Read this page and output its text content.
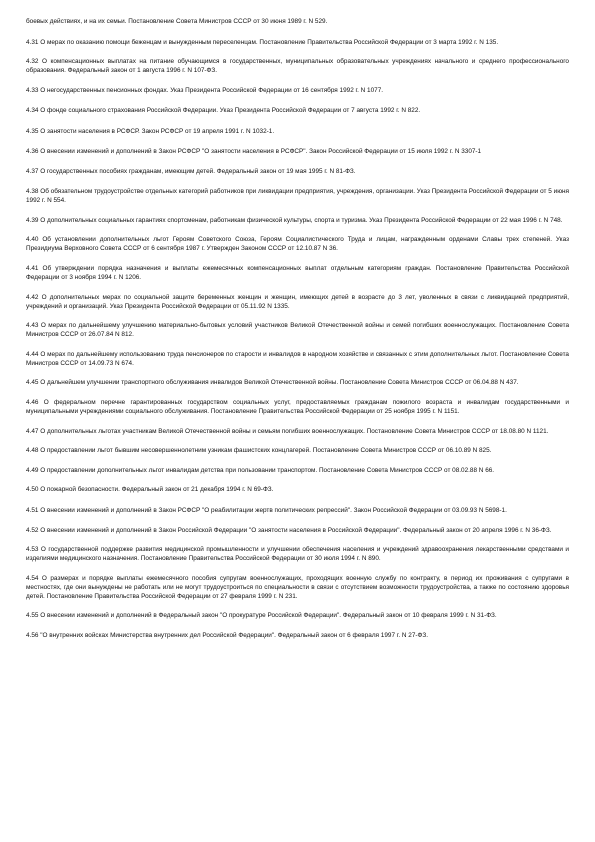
боевых действиях, и на их семьи. Постановление Совета Министров СССР от 30 июня 1989 г. N 529.

4.31 О мерах по оказанию помощи беженцам и вынужденным переселенцам. Постановление Правительства Российской Федерации от 3 марта 1992 г. N 135.

4.32 О компенсационных выплатах на питание обучающимся в государственных, муниципальных образовательных учреждениях начального и среднего профессионального образования. Федеральный закон от 1 августа 1996 г. N 107-ФЗ.

4.33 О негосударственных пенсионных фондах. Указ Президента Российской Федерации от 16 сентября 1992 г. N 1077.

4.34 О фонде социального страхования Российской Федерации. Указ Президента Российской Федерации от 7 августа 1992 г. N 822.

4.35 О занятости населения в РСФСР. Закон РСФСР от 19 апреля 1991 г. N 1032-1.

4.36 О внесении изменений и дополнений в Закон РСФСР "О занятости населения в РСФСР". Закон Российской Федерации от 15 июля 1992 г. N 3307-1

4.37 О государственных пособиях гражданам, имеющим детей. Федеральный закон от 19 мая 1995 г. N 81-ФЗ.

4.38 Об обязательном трудоустройстве отдельных категорий работников при ликвидации предприятия, учреждения, организации. Указ Президента Российской Федерации от 5 июня 1992 г. N 554.

4.39 О дополнительных социальных гарантиях спортсменам, работникам физической культуры, спорта и туризма. Указ Президента Российской Федерации от 22 мая 1996 г. N 748.

4.40 Об установлении дополнительных льгот Героям Советского Союза, Героям Социалистического Труда и лицам, награжденным орденами Славы трех степеней. Указ Президиума Верховного Совета СССР от 6 сентября 1987 г. Утвержден Законом СССР от 12.10.87 N 36.

4.41 Об утверждении порядка назначения и выплаты ежемесячных компенсационных выплат отдельным категориям граждан. Постановление Правительства Российской Федерации от 3 ноября 1994 г. N 1206.

4.42 О дополнительных мерах по социальной защите беременных женщин и женщин, имеющих детей в возрасте до 3 лет, уволенных в связи с ликвидацией предприятий, учреждений и организаций. Указ Президента Российской Федерации от 05.11.92 N 1335.

4.43 О мерах по дальнейшему улучшению материально-бытовых условий участников Великой Отечественной войны и семей погибших военнослужащих. Постановление Совета Министров СССР от 26.07.84 N 812.

4.44 О мерах по дальнейшему использованию труда пенсионеров по старости и инвалидов в народном хозяйстве и связанных с этим дополнительных льгот. Постановление Совета Министров СССР от 14.09.73 N 674.

4.45 О дальнейшем улучшении транспортного обслуживания инвалидов Великой Отечественной войны. Постановление Совета Министров СССР от 06.04.88 N 437.

4.46 О федеральном перечне гарантированных государством социальных услуг, предоставляемых гражданам пожилого возраста и инвалидам государственными и муниципальными учреждениями социального обслуживания. Постановление Правительства Российской Федерации от 25 ноября 1995 г. N 1151.

4.47 О дополнительных льготах участникам Великой Отечественной войны и семьям погибших военнослужащих. Постановление Совета Министров СССР от 18.08.80 N 1121.

4.48 О предоставлении льгот бывшим несовершеннолетним узникам фашистских концлагерей. Постановление Совета Министров СССР от 06.10.89 N 825.

4.49 О предоставлении дополнительных льгот инвалидам детства при пользовании транспортом. Постановление Совета Министров СССР от 08.02.88 N 66.

4.50 О пожарной безопасности. Федеральный закон от 21 декабря 1994 г. N 69-ФЗ.

4.51 О внесении изменений и дополнений в Закон РСФСР "О реабилитации жертв политических репрессий". Закон Российской Федерации от 03.09.93 N 5698-1.

4.52 О внесении изменений и дополнений в Закон Российской Федерации "О занятости населения в Российской Федерации". Федеральный закон от 20 апреля 1996 г. N 36-ФЗ.

4.53 О государственной поддержке развития медицинской промышленности и улучшении обеспечения населения и учреждений здравоохранения лекарственными средствами и изделиями медицинского назначения. Постановление Правительства Российской Федерации от 30 июля 1994 г. N 890.

4.54 О размерах и порядке выплаты ежемесячного пособия супругам военнослужащих, проходящих военную службу по контракту, в период их проживания с супругами в местностях, где они вынуждены не работать или не могут трудоустроиться по специальности в связи с отсутствием возможности трудоустройства, а также по состоянию здоровья детей. Постановление Правительства Российской Федерации от 27 февраля 1999 г. N 231.

4.55 О внесении изменений и дополнений в Федеральный закон "О прокуратуре Российской Федерации". Федеральный закон от 10 февраля 1999 г. N 31-ФЗ.

4.56 "О внутренних войсках Министерства внутренних дел Российской Федерации". Федеральный закон от 6 февраля 1997 г. N 27-ФЗ.
